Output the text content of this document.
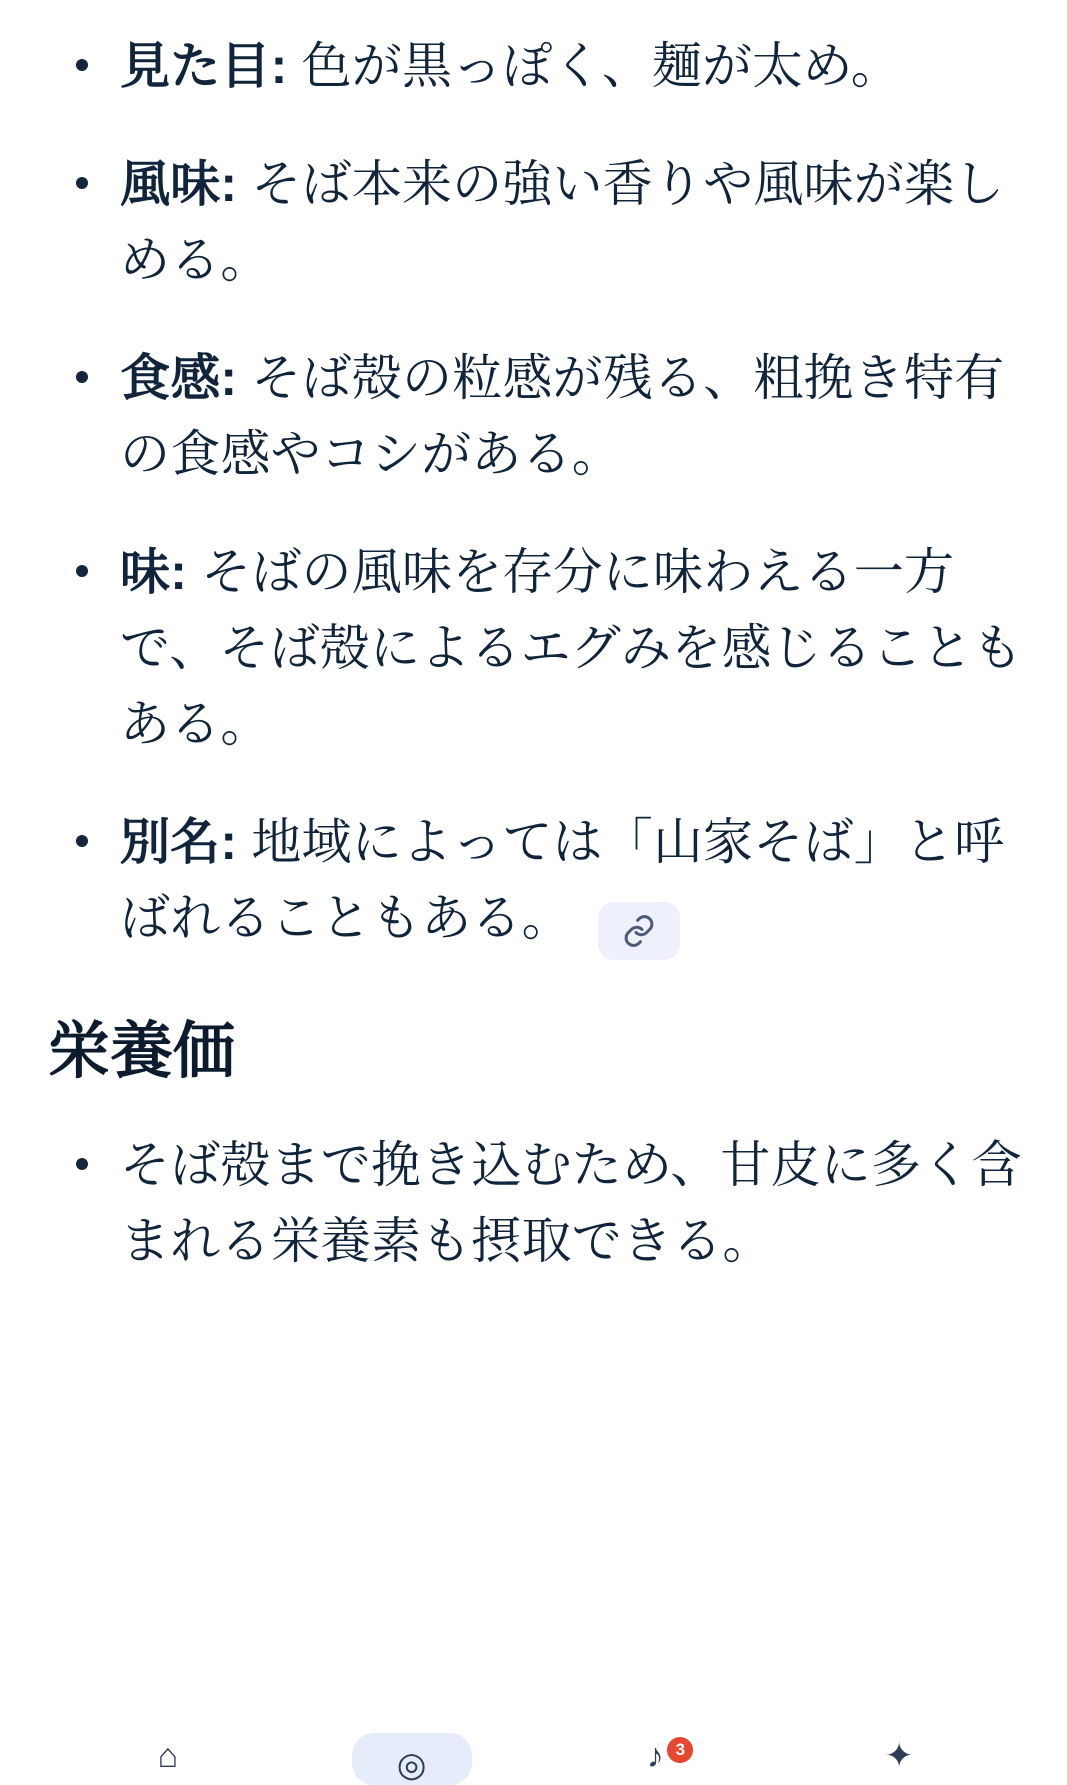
見た目: 色が黒っぽく、麺が太め。
風味: そば本来の強い香りや風味が楽しめる。
食感: そば殻の粒感が残る、粗挽き特有の食感やコシがある。
味: そばの風味を存分に味わえる一方で、そば殻によるエグみを感じることもある。
別名: 地域によっては「山家そば」と呼ばれることもある。
栄養価
そば殻まで挽き込むため、甘皮に多く含まれる栄養素も摂取できる。
⌂	◎	♪ 3	✦
